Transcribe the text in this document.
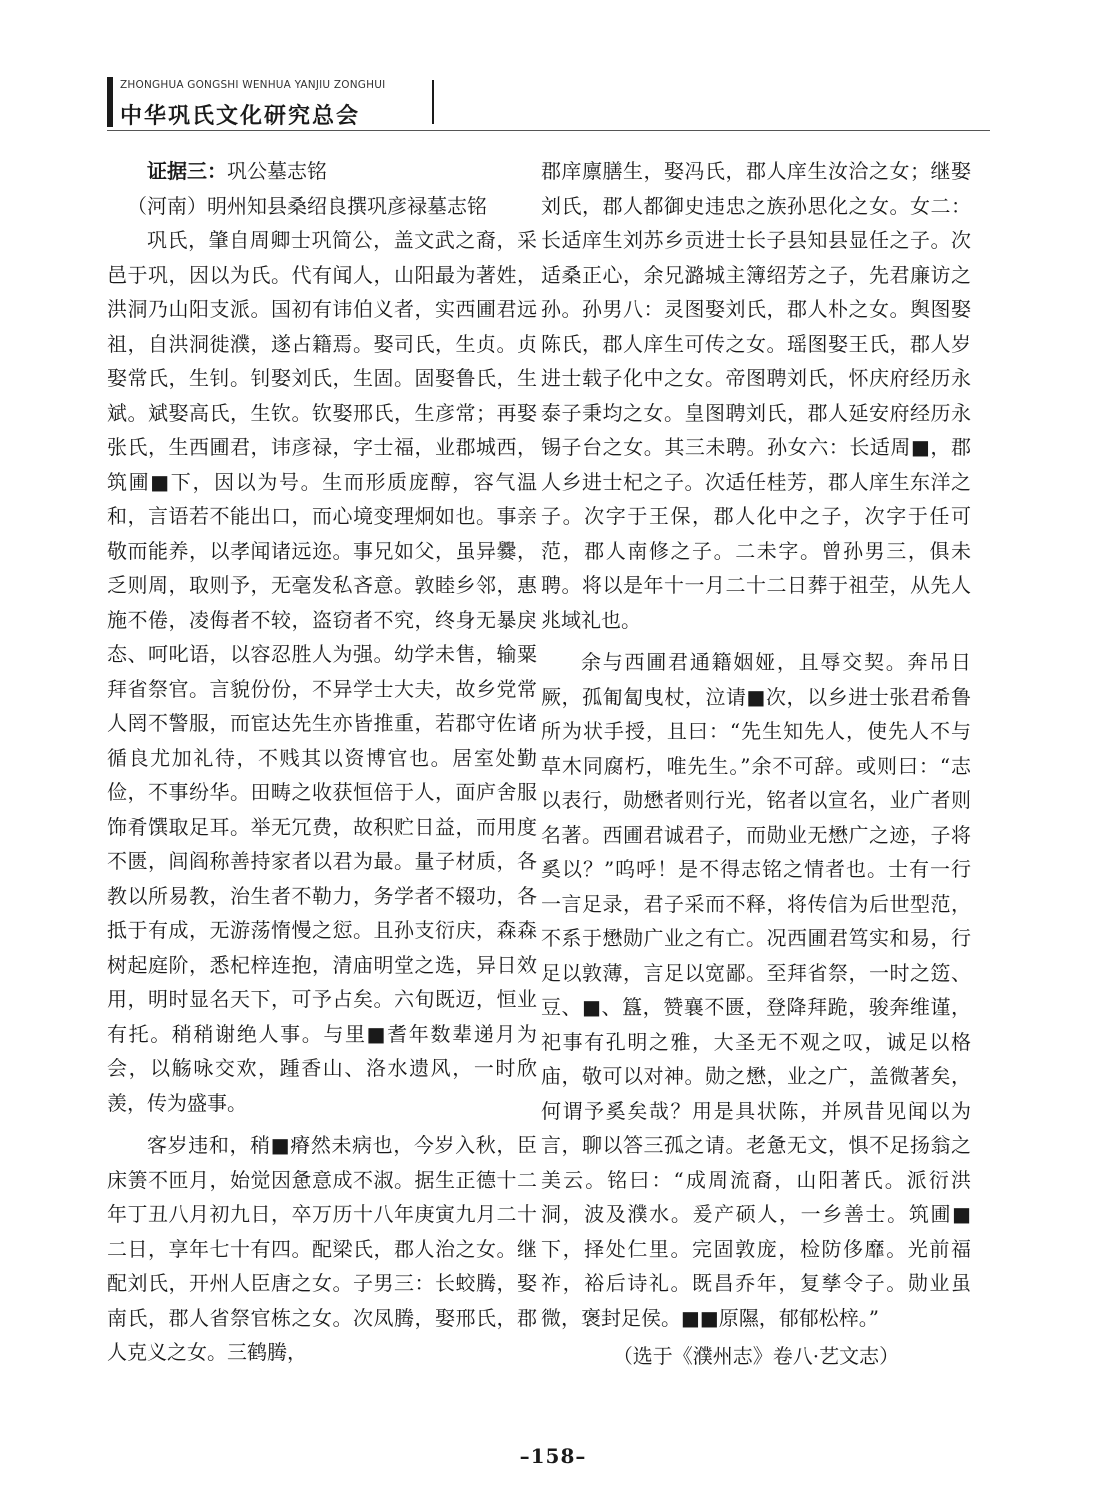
ZHONGHUA GONGSHI WENHUA YANJIU ZONGHUI
中华巩氏文化研究总会

证据三：巩公墓志铭

（河南）明州知县桑绍良撰巩彦禄墓志铭

巩氏，肇自周卿士巩简公，盖文武之裔，采邑于巩，因以为氏。代有闻人，山阳最为著姓，洪洞乃山阳支派。国初有讳伯义者，实西圃君远祖，自洪洞徙濮，遂占籍焉。娶司氏，生贞。贞娶常氏，生钊。钊娶刘氏，生固。固娶鲁氏，生斌。斌娶高氏，生钦。钦娶邢氏，生彦常；再娶张氏，生西圃君，讳彦禄，字士福，业郡城西，筑圃■下，因以为号。生而形质庞醇，容气温和，言语若不能出口，而心境变理炯如也。事亲敬而能养，以孝闻诸远迩。事兄如父，虽异爨，乏则周，取则予，无毫发私吝意。敦睦乡邻，惠施不倦，凌侮者不较，盗窃者不究，终身无暴戾态、呵叱语，以容忍胜人为强。幼学未售，输粟拜省祭官。言貌份份，不异学士大夫，故乡党常人罔不警服，而宦达先生亦皆推重，若郡守佐诸循良尤加礼待，不贱其以资博官也。居室处勤俭，不事纷华。田畴之收获恒倍于人，面庐舍服饰肴馔取足耳。举无冗费，故积贮日益，而用度不匮，闾阎称善持家者以君为最。量子材质，各教以所易教，治生者不勒力，务学者不辍功，各抵于有成，无游荡惰慢之愆。且孙支衍庆，森森树起庭阶，悉杞梓连抱，清庙明堂之选，异日效用，明时显名天下，可予占矣。六旬既迈，恒业有托。稍稍谢绝人事。与里■耆年数辈递月为会，以觞咏交欢，踵香山、洛水遗风，一时欣羡，传为盛事。

客岁违和，稍■瘠然未病也，今岁入秋，臣床箦不匝月，始觉因惫意成不淑。据生正德十二年丁丑八月初九日，卒万历十八年庚寅九月二十二日，享年七十有四。配梁氏，郡人治之女。继配刘氏，开州人臣唐之女。子男三：长蛟腾，娶南氏，郡人省祭官栋之女。次凤腾，娶邢氏，郡人克义之女。三鹤腾，

郡庠廪膳生，娶冯氏，郡人庠生汝洽之女；继娶刘氏，郡人都御史违忠之族孙思化之女。女二：长适庠生刘苏乡贡进士长子县知县显任之子。次适桑正心，余兄潞城主簿绍芳之子，先君廉访之孙。孙男八：灵图娶刘氏，郡人朴之女。舆图娶陈氏，郡人庠生可传之女。瑶图娶王氏，郡人岁进士载子化中之女。帝图聘刘氏，怀庆府经历永泰子秉均之女。皇图聘刘氏，郡人延安府经历永锡子台之女。其三未聘。孙女六：长适周■，郡人乡进士杞之子。次适任桂芳，郡人庠生东洋之子。次字于王保，郡人化中之子，次字于任可范，郡人南修之子。二未字。曾孙男三，俱未聘。将以是年十一月二十二日葬于祖茔，从先人兆域礼也。

余与西圃君通籍姻娅，且辱交契。奔吊日厥，孤匍匐曳杖，泣请■次，以乡进士张君希鲁所为状手授，且曰：“先生知先人，使先人不与草木同腐朽，唯先生。”余不可辞。或则曰：“志以表行，勋懋者则行光，铭者以宣名，业广者则名著。西圃君诚君子，而勋业无懋广之迹，子将奚以？”呜呼！是不得志铭之情者也。士有一行一言足录，君子采而不释，将传信为后世型范，不系于懋勋广业之有亡。况西圃君笃实和易，行足以敦薄，言足以宽鄙。至拜省祭，一时之笾、豆、■、簋，赞襄不匮，登降拜跪，骏奔维谨，祀事有孔明之雅，大圣无不观之叹，诚足以格庙，敬可以对神。勋之懋，业之广，盖微著矣，何谓予奚矣哉？用是具状陈，并夙昔见闻以为言，聊以答三孤之请。老惫无文，惧不足扬翁之美云。铭曰：“成周流裔，山阳著氏。派衍洪洞，波及濮水。爰产硕人，一乡善士。筑圃■下，择处仁里。完固敦庞，检防侈靡。光前福祚，裕后诗礼。既昌乔年，复孳令子。勋业虽微，褒封足侯。■■原隰，郁郁松梓。”

（选于《濮州志》卷八·艺文志）

–158–
